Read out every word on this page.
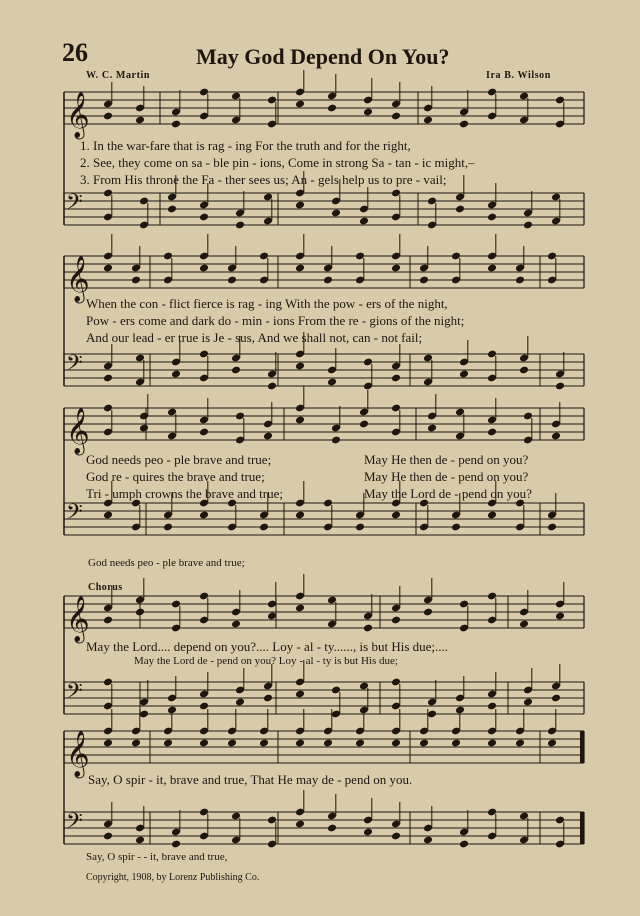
26	May God Depend On You?
W. C. Martin	Ira B. Wilson
𝄞
𝄢
𝄞
𝄢
𝄞
𝄢
𝄞
𝄢
𝄞
𝄢
1. In the war-fare that is rag - ing For the truth and for the right,
2. See, they come on sa - ble pin - ions, Come in strong Sa - tan - ic might,–
3. From His throne the Fa - ther sees us; An - gels help us to pre - vail;
When the con - flict fierce is rag - ing With the pow - ers of the night,
Pow - ers come and dark do - min - ions From the re - gions of the night;
And our lead - er true is Je - sus, And we shall not, can - not fail;
God needs peo - ple brave and true;
God re - quires the brave and true;
Tri - umph crowns the brave and true;
May He then de - pend on you?
May He then de - pend on you?
May the Lord de - pend on you?
God needs peo - ple brave and true;
Chorus
May the Lord.... depend on you?.... Loy - al - ty......, is but His due;....
May the Lord de - pend on you? Loy - al - ty is but His due;
Say, O spir - it, brave and true, That He may de - pend on you.
Say, O spir - - it, brave and true,
Copyright, 1908, by Lorenz Publishing Co.
